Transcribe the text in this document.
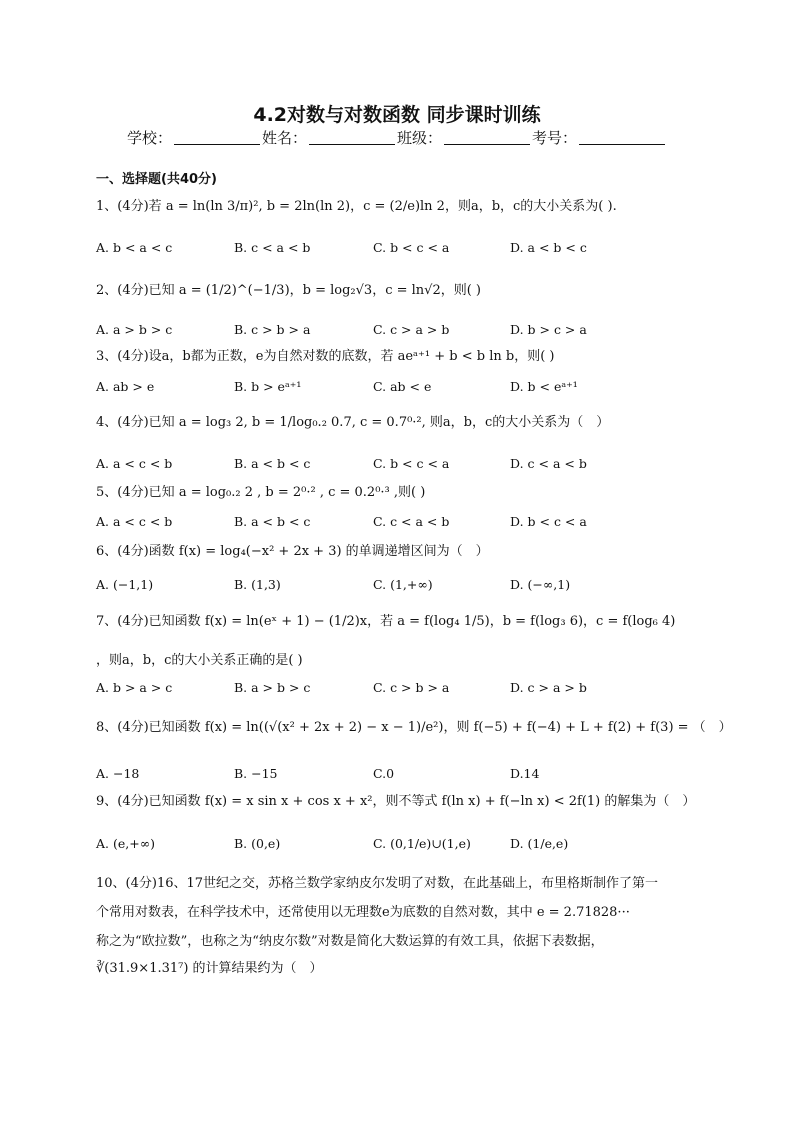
4.2对数与对数函数 同步课时训练
学校：	姓名：	班级：	考号：
一、选择题(共40分)
1、(4分)若 a = ln(ln 3/π)², b = 2ln(ln 2)，c = (2/e)ln 2，则a，b，c的大小关系为( ).
A. b < a < c	B. c < a < b	C. b < c < a	D. a < b < c
2、(4分)已知 a = (1/2)^(−1/3)，b = log₂√3，c = ln√2，则( )
A. a > b > c	B. c > b > a	C. c > a > b	D. b > c > a
3、(4分)设a，b都为正数，e为自然对数的底数，若 aeᵃ⁺¹ + b < b ln b，则( )
A. ab > e	B. b > eᵃ⁺¹	C. ab < e	D. b < eᵃ⁺¹
4、(4分)已知 a = log₃ 2, b = 1/log₀.₂ 0.7, c = 0.7⁰·², 则a，b，c的大小关系为（　）
A. a < c < b	B. a < b < c	C. b < c < a	D. c < a < b
5、(4分)已知 a = log₀.₂ 2 , b = 2⁰·² , c = 0.2⁰·³ ,则( )
A. a < c < b	B. a < b < c	C. c < a < b	D. b < c < a
6、(4分)函数 f(x) = log₄(−x² + 2x + 3) 的单调递增区间为（　）
A. (−1,1)	B. (1,3)	C. (1,+∞)	D. (−∞,1)
7、(4分)已知函数 f(x) = ln(eˣ + 1) − (1/2)x，若 a = f(log₄ 1/5)，b = f(log₃ 6)，c = f(log₆ 4)
，则a，b，c的大小关系正确的是( )
A. b > a > c	B. a > b > c	C. c > b > a	D. c > a > b
8、(4分)已知函数 f(x) = ln((√(x² + 2x + 2) − x − 1)/e²)，则 f(−5) + f(−4) + L + f(2) + f(3) = （　）
A. −18	B. −15	C.0	D.14
9、(4分)已知函数 f(x) = x sin x + cos x + x²，则不等式 f(ln x) + f(−ln x) < 2f(1) 的解集为（　）
A. (e,+∞)	B. (0,e)	C. (0,1/e)∪(1,e)	D. (1/e,e)
10、(4分)16、17世纪之交，苏格兰数学家纳皮尔发明了对数，在此基础上，布里格斯制作了第一
个常用对数表，在科学技术中，还常使用以无理数e为底数的自然对数，其中 e = 2.71828···
称之为“欧拉数”，也称之为“纳皮尔数”对数是简化大数运算的有效工具，依据下表数据，
∛(31.9×1.31⁷) 的计算结果约为（　）
